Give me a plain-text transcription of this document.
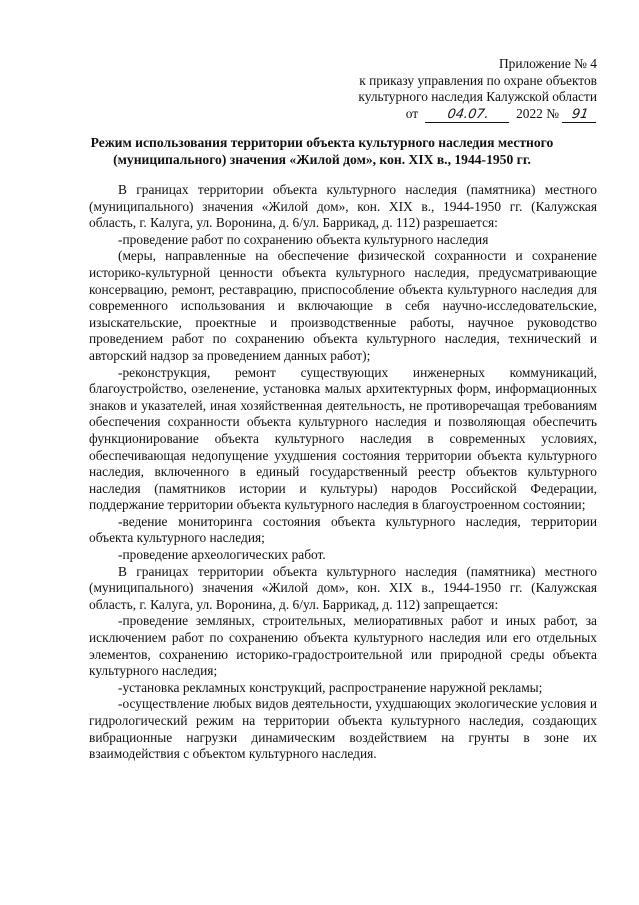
Приложение № 4
к приказу управления по охране объектов
культурного наследия Калужской области
от	04.07.	2022 № 91
Режим использования территории объекта культурного наследия местного
(муниципального) значения «Жилой дом», кон. XIX в., 1944-1950 гг.

В границах территории объекта культурного наследия (памятника) местного (муниципального) значения «Жилой дом», кон. XIX в., 1944-1950 гг. (Калужская область, г. Калуга, ул. Воронина, д. 6/ул. Баррикад, д. 112) разрешается:

-проведение работ по сохранению объекта культурного наследия

(меры, направленные на обеспечение физической сохранности и сохранение историко-культурной ценности объекта культурного наследия, предусматривающие консервацию, ремонт, реставрацию, приспособление объекта культурного наследия для современного использования и включающие в себя научно-исследовательские, изыскательские, проектные и производственные работы, научное руководство проведением работ по сохранению объекта культурного наследия, технический и авторский надзор за проведением данных работ);

-реконструкция, ремонт существующих инженерных коммуникаций, благоустройство, озеленение, установка малых архитектурных форм, информационных знаков и указателей, иная хозяйственная деятельность, не противоречащая требованиям обеспечения сохранности объекта культурного наследия и позволяющая обеспечить функционирование объекта культурного наследия в современных условиях, обеспечивающая недопущение ухудшения состояния территории объекта культурного наследия, включенного в единый государственный реестр объектов культурного наследия (памятников истории и культуры) народов Российской Федерации, поддержание территории объекта культурного наследия в благоустроенном состоянии;

-ведение мониторинга состояния объекта культурного наследия, территории объекта культурного наследия;

-проведение археологических работ.

В границах территории объекта культурного наследия (памятника) местного (муниципального) значения «Жилой дом», кон. XIX в., 1944-1950 гг. (Калужская область, г. Калуга, ул. Воронина, д. 6/ул. Баррикад, д. 112) запрещается:

-проведение земляных, строительных, мелиоративных работ и иных работ, за исключением работ по сохранению объекта культурного наследия или его отдельных элементов, сохранению историко-градостроительной или природной среды объекта культурного наследия;

-установка рекламных конструкций, распространение наружной рекламы;

-осуществление любых видов деятельности, ухудшающих экологические условия и гидрологический режим на территории объекта культурного наследия, создающих вибрационные нагрузки динамическим воздействием на грунты в зоне их взаимодействия с объектом культурного наследия.
